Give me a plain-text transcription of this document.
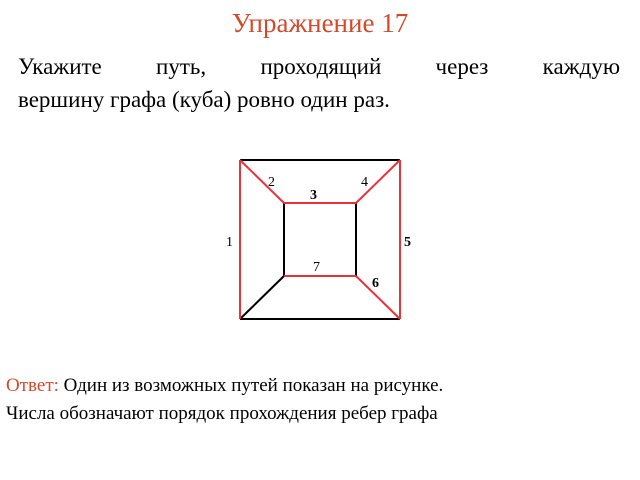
Упражнение 17
Укажите путь, проходящий через каждую
вершину графа (куба) ровно один раз.
1
2
3
4
5
6
7
Ответ: Один из возможных путей показан на рисунке.
Числа обозначают порядок прохождения ребер графа
